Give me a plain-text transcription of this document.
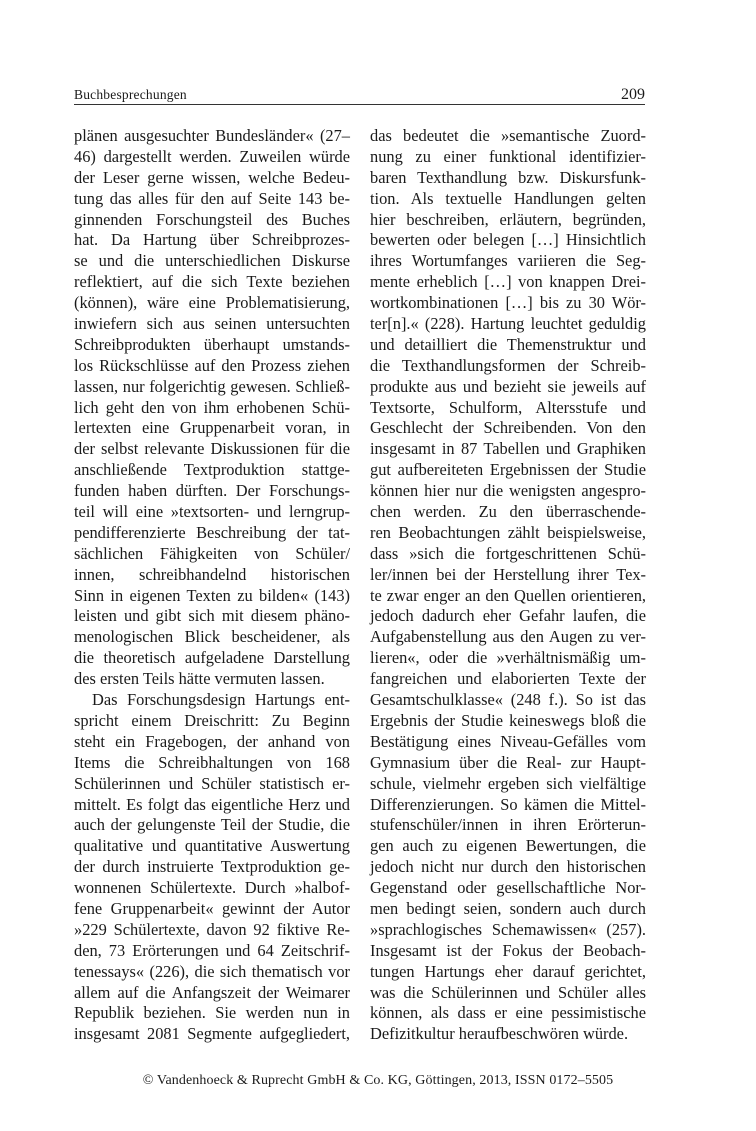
Buchbesprechungen	209
plänen ausgesuchter Bundesländer« (27–
46) dargestellt werden. Zuweilen würde
der Leser gerne wissen, welche Bedeu-
tung das alles für den auf Seite 143 be-
ginnenden Forschungsteil des Buches
hat. Da Hartung über Schreibprozes-
se und die unterschiedlichen Diskurse
reflektiert, auf die sich Texte beziehen
(können), wäre eine Problematisierung,
inwiefern sich aus seinen untersuchten
Schreibprodukten überhaupt umstands-
los Rückschlüsse auf den Prozess ziehen
lassen, nur folgerichtig gewesen. Schließ-
lich geht den von ihm erhobenen Schü-
lertexten eine Gruppenarbeit voran, in
der selbst relevante Diskussionen für die
anschließende Textproduktion stattge-
funden haben dürften. Der Forschungs-
teil will eine »textsorten- und lerngrup-
pendifferenzierte Beschreibung der tat-
sächlichen Fähigkeiten von Schüler/
innen, schreibhandelnd historischen
Sinn in eigenen Texten zu bilden« (143)
leisten und gibt sich mit diesem phäno-
menologischen Blick bescheidener, als
die theoretisch aufgeladene Darstellung
des ersten Teils hätte vermuten lassen.
Das Forschungsdesign Hartungs ent-
spricht einem Dreischritt: Zu Beginn
steht ein Fragebogen, der anhand von
Items die Schreibhaltungen von 168
Schülerinnen und Schüler statistisch er-
mittelt. Es folgt das eigentliche Herz und
auch der gelungenste Teil der Studie, die
qualitative und quantitative Auswertung
der durch instruierte Textproduktion ge-
wonnenen Schülertexte. Durch »halbof-
fene Gruppenarbeit« gewinnt der Autor
»229 Schülertexte, davon 92 fiktive Re-
den, 73 Erörterungen und 64 Zeitschrif-
tenessays« (226), die sich thematisch vor
allem auf die Anfangszeit der Weimarer
Republik beziehen. Sie werden nun in
insgesamt 2081 Segmente aufgegliedert,
das bedeutet die »semantische Zuord-
nung zu einer funktional identifizier-
baren Texthandlung bzw. Diskursfunk-
tion. Als textuelle Handlungen gelten
hier beschreiben, erläutern, begründen,
bewerten oder belegen […] Hinsichtlich
ihres Wortumfanges variieren die Seg-
mente erheblich […] von knappen Drei-
wortkombinationen […] bis zu 30 Wör-
ter[n].« (228). Hartung leuchtet geduldig
und detailliert die Themenstruktur und
die Texthandlungsformen der Schreib-
produkte aus und bezieht sie jeweils auf
Textsorte, Schulform, Altersstufe und
Geschlecht der Schreibenden. Von den
insgesamt in 87 Tabellen und Graphiken
gut aufbereiteten Ergebnissen der Studie
können hier nur die wenigsten angespro-
chen werden. Zu den überraschende-
ren Beobachtungen zählt beispielsweise,
dass »sich die fortgeschrittenen Schü-
ler/innen bei der Herstellung ihrer Tex-
te zwar enger an den Quellen orientieren,
jedoch dadurch eher Gefahr laufen, die
Aufgabenstellung aus den Augen zu ver-
lieren«, oder die »verhältnismäßig um-
fangreichen und elaborierten Texte der
Gesamtschulklasse« (248 f.). So ist das
Ergebnis der Studie keineswegs bloß die
Bestätigung eines Niveau-Gefälles vom
Gymnasium über die Real- zur Haupt-
schule, vielmehr ergeben sich vielfältige
Differenzierungen. So kämen die Mittel-
stufenschüler/innen in ihren Erörterun-
gen auch zu eigenen Bewertungen, die
jedoch nicht nur durch den historischen
Gegenstand oder gesellschaftliche Nor-
men bedingt seien, sondern auch durch
»sprachlogisches Schemawissen« (257).
Insgesamt ist der Fokus der Beobach-
tungen Hartungs eher darauf gerichtet,
was die Schülerinnen und Schüler alles
können, als dass er eine pessimistische
Defizitkultur heraufbeschwören würde.
© Vandenhoeck & Ruprecht GmbH & Co. KG, Göttingen, 2013, ISSN 0172–5505
